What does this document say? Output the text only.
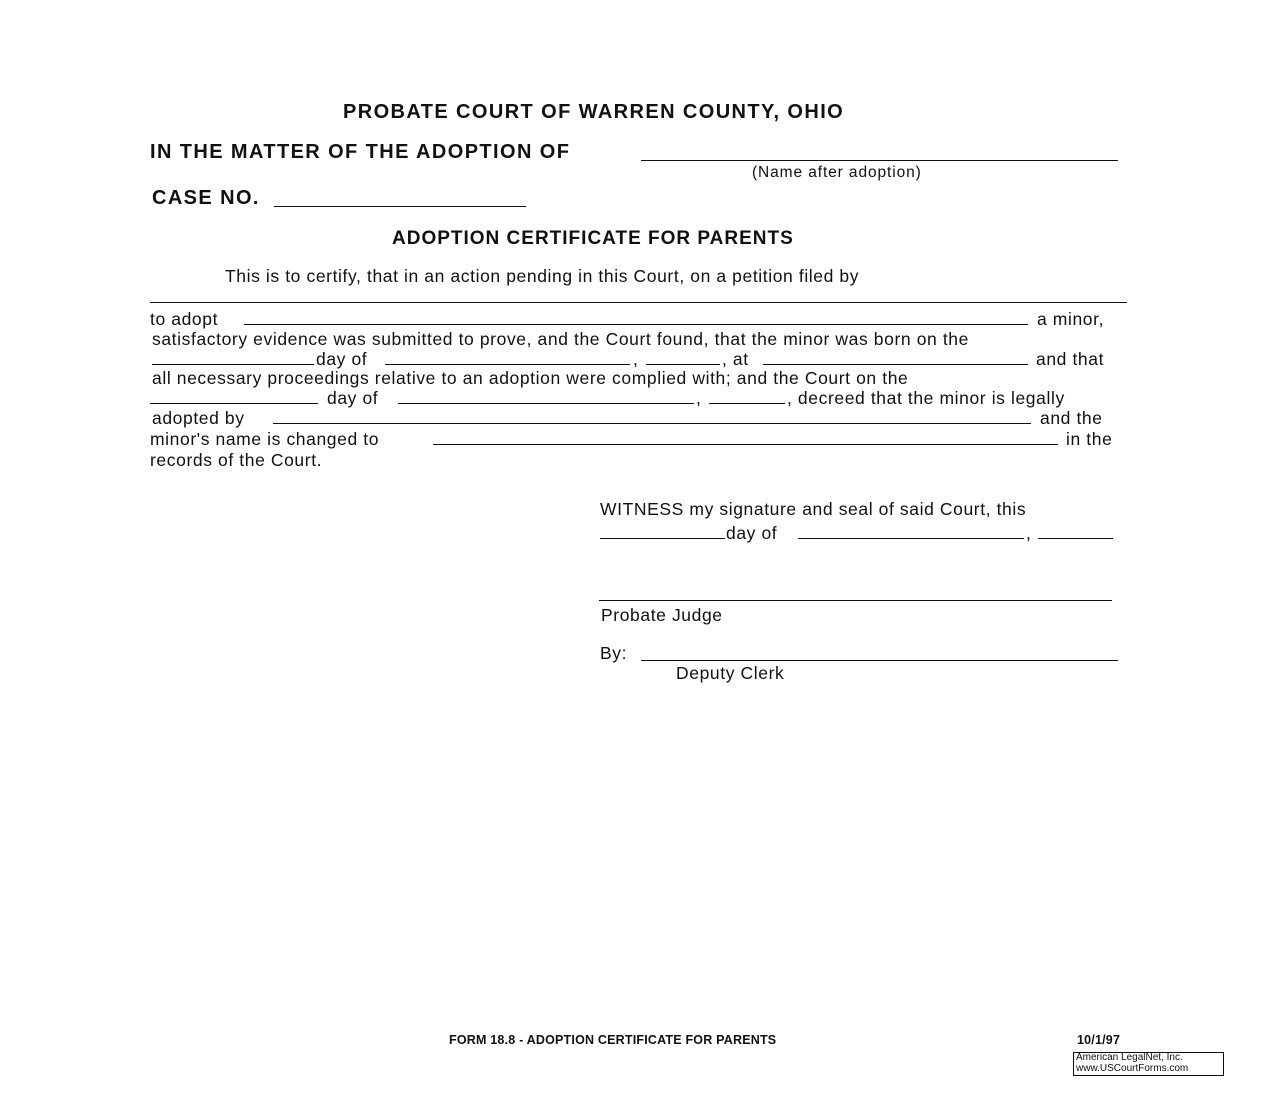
PROBATE COURT OF WARREN COUNTY, OHIO
IN THE MATTER OF THE ADOPTION OF
(Name after adoption)
CASE NO.
ADOPTION CERTIFICATE FOR PARENTS
This is to certify, that in an action pending in this Court, on a petition filed by
to adopt	a minor,
satisfactory evidence was submitted to prove, and the Court found, that the minor was born on the
day of	,	, at	and that
all necessary proceedings relative to an adoption were complied with; and the Court on the
day of	,	, decreed that the minor is legally
adopted by	and the
minor's name is changed to	in the
records of the Court.
WITNESS my signature and seal of said Court, this
day of	,
Probate Judge
By:
Deputy Clerk
FORM 18.8 - ADOPTION CERTIFICATE FOR PARENTS	10/1/97
American LegalNet, Inc.
www.USCourtForms.com
